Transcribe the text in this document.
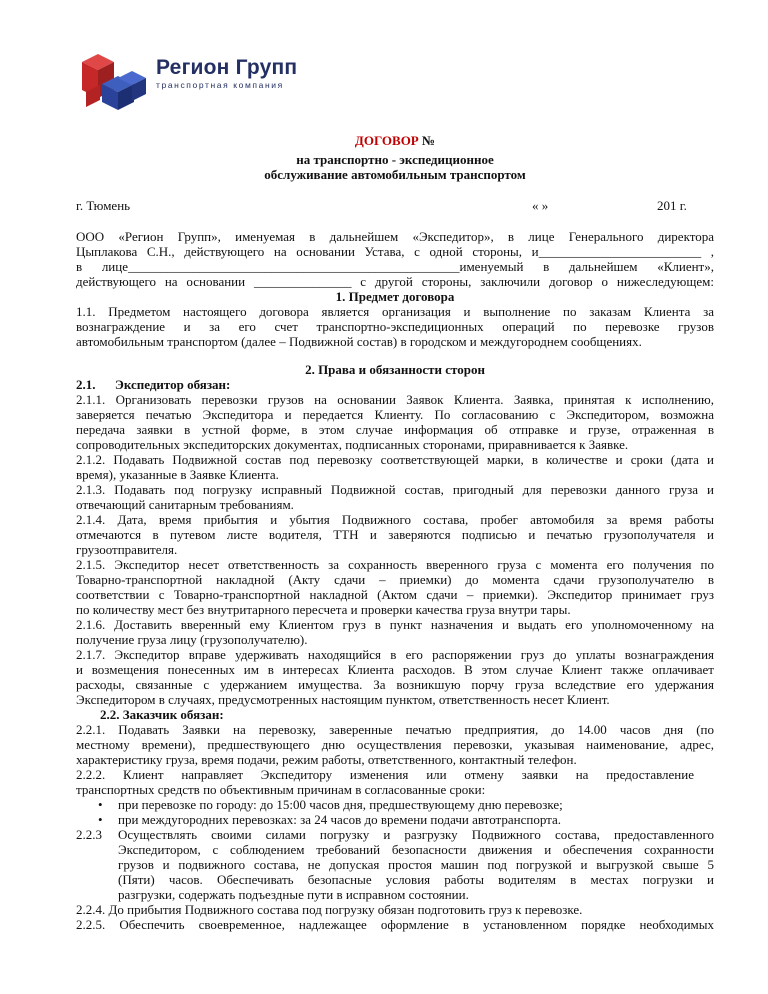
Регион Групп
транспортная компания
ДОГОВОР №
на транспортно - экспедиционное
обслуживание автомобильным транспортом
г. Тюмень	« »	201 г.
ООО «Регион Групп», именуемая в дальнейшем «Экспедитор», в лице Генерального директора
Цыплакова С.Н., действующего на основании Устава, с одной стороны, и_________________________ ,
в лице___________________________________________________именуемый в дальнейшем «Клиент»,
действующего на основании _______________ с другой стороны, заключили договор о нижеследующем:
1. Предмет договора
1.1. Предметом настоящего договора является организация и выполнение по заказам Клиента за
вознаграждение и за его счет транспортно-экспедиционных операций по перевозке грузов
автомобильным транспортом (далее – Подвижной состав) в городском и междугороднем сообщениях.
2. Права и обязанности сторон
2.1.      Экспедитор обязан:
2.1.1. Организовать перевозки грузов на основании Заявок Клиента. Заявка, принятая к исполнению,
заверяется печатью Экспедитора и передается Клиенту. По согласованию с Экспедитором, возможна
передача заявки в устной форме, в этом случае информация об отправке и грузе, отраженная в
сопроводительных экспедиторских документах, подписанных сторонами, приравнивается к Заявке.
2.1.2. Подавать Подвижной состав под перевозку соответствующей марки, в количестве и сроки (дата и
время), указанные в Заявке Клиента.
2.1.3. Подавать под погрузку исправный Подвижной состав, пригодный для перевозки данного груза и
отвечающий санитарным требованиям.
2.1.4. Дата, время прибытия и убытия Подвижного состава, пробег автомобиля за время работы
отмечаются в путевом листе водителя, ТТН и заверяются подписью и печатью грузополучателя и
грузоотправителя.
2.1.5. Экспедитор несет ответственность за сохранность вверенного груза с момента его получения по
Товарно-транспортной накладной (Акту сдачи – приемки) до момента сдачи грузополучателю в
соответствии с Товарно-транспортной накладной (Актом сдачи – приемки). Экспедитор принимает груз
по количеству мест без внутритарного пересчета и проверки качества груза внутри тары.
2.1.6. Доставить вверенный ему Клиентом груз в пункт назначения и выдать его уполномоченному на
получение груза лицу (грузополучателю).
2.1.7. Экспедитор вправе удерживать находящийся в его распоряжении груз до уплаты вознаграждения
и возмещения понесенных им в интересах Клиента расходов. В этом случае Клиент также оплачивает
расходы, связанные с удержанием имущества. За возникшую порчу груза вследствие его удержания
Экспедитором в случаях, предусмотренных настоящим пунктом, ответственность несет Клиент.
2.2. Заказчик обязан:
2.2.1. Подавать Заявки на перевозку, заверенные печатью предприятия, до 14.00 часов дня (по
местному времени), предшествующего дню осуществления перевозки, указывая наименование, адрес,
характеристику груза, время подачи, режим работы, ответственного, контактный телефон.
2.2.2. Клиент направляет Экспедитору изменения или отмену заявки на предоставление
транспортных средств по объективным причинам в согласованные сроки:
• при перевозке по городу: до 15:00 часов дня, предшествующему дню перевозке;
• при междугородних перевозках: за 24 часов до времени подачи автотранспорта.
2.2.3 Осуществлять своими силами погрузку и разгрузку Подвижного состава, предоставленного
Экспедитором, с соблюдением требований безопасности движения и обеспечения сохранности
грузов и подвижного состава, не допуская простоя машин под погрузкой и выгрузкой свыше 5
(Пяти) часов. Обеспечивать безопасные условия работы водителям в местах погрузки и
разгрузки, содержать подъездные пути в исправном состоянии.
2.2.4. До прибытия Подвижного состава под погрузку обязан подготовить груз к перевозке.
2.2.5. Обеспечить своевременное, надлежащее оформление в установленном порядке необходимых
